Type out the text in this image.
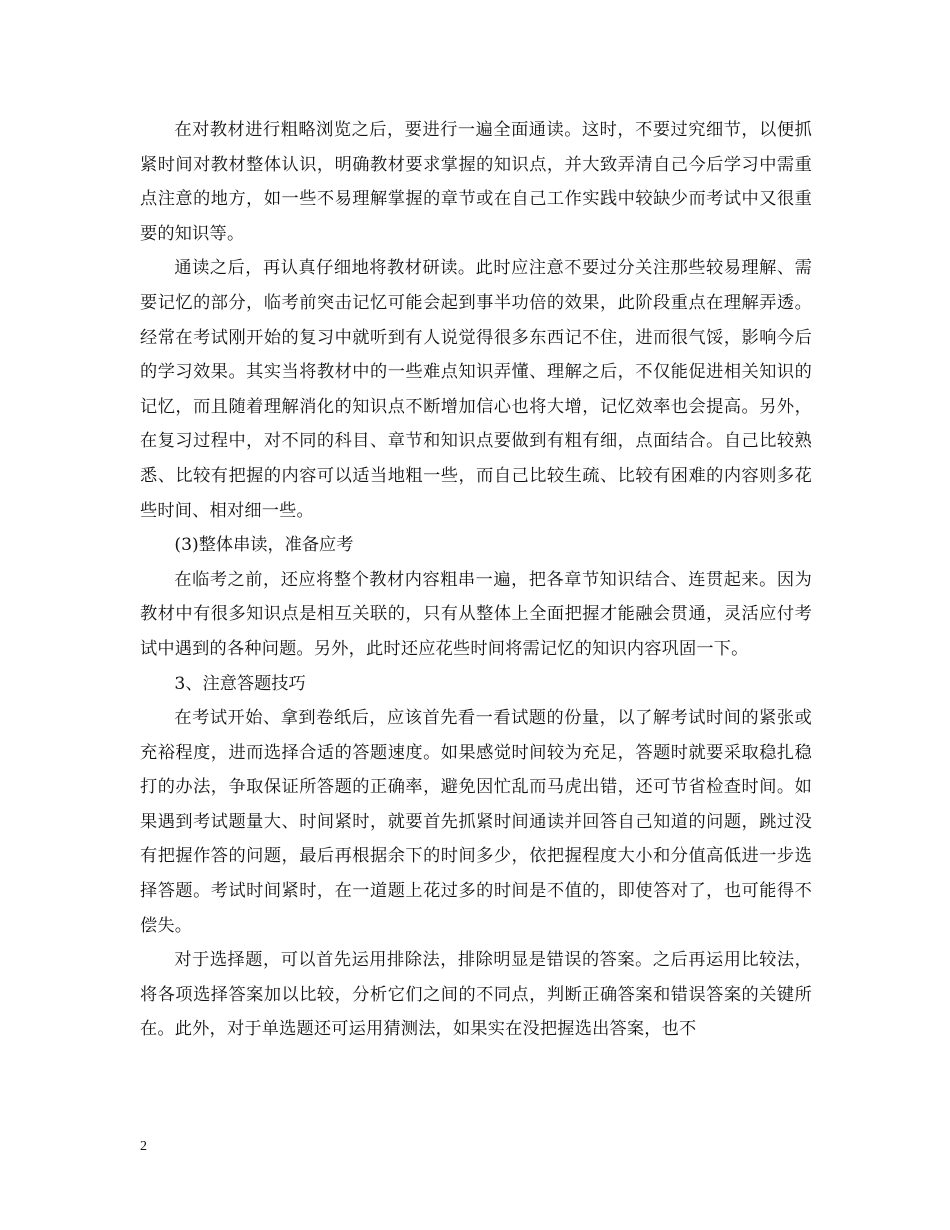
在对教材进行粗略浏览之后，要进行一遍全面通读。这时，不要过究细节，以便抓紧时间对教材整体认识，明确教材要求掌握的知识点，并大致弄清自己今后学习中需重点注意的地方，如一些不易理解掌握的章节或在自己工作实践中较缺少而考试中又很重要的知识等。

通读之后，再认真仔细地将教材研读。此时应注意不要过分关注那些较易理解、需要记忆的部分，临考前突击记忆可能会起到事半功倍的效果，此阶段重点在理解弄透。经常在考试刚开始的复习中就听到有人说觉得很多东西记不住，进而很气馁，影响今后的学习效果。其实当将教材中的一些难点知识弄懂、理解之后，不仅能促进相关知识的记忆，而且随着理解消化的知识点不断增加信心也将大增，记忆效率也会提高。另外，在复习过程中，对不同的科目、章节和知识点要做到有粗有细，点面结合。自己比较熟悉、比较有把握的内容可以适当地粗一些，而自己比较生疏、比较有困难的内容则多花些时间、相对细一些。

(3)整体串读，准备应考

在临考之前，还应将整个教材内容粗串一遍，把各章节知识结合、连贯起来。因为教材中有很多知识点是相互关联的，只有从整体上全面把握才能融会贯通，灵活应付考试中遇到的各种问题。另外，此时还应花些时间将需记忆的知识内容巩固一下。

3、注意答题技巧

在考试开始、拿到卷纸后，应该首先看一看试题的份量，以了解考试时间的紧张或充裕程度，进而选择合适的答题速度。如果感觉时间较为充足，答题时就要采取稳扎稳打的办法，争取保证所答题的正确率，避免因忙乱而马虎出错，还可节省检查时间。如果遇到考试题量大、时间紧时，就要首先抓紧时间通读并回答自己知道的问题，跳过没有把握作答的问题，最后再根据余下的时间多少，依把握程度大小和分值高低进一步选择答题。考试时间紧时，在一道题上花过多的时间是不值的，即使答对了，也可能得不偿失。

对于选择题，可以首先运用排除法，排除明显是错误的答案。之后再运用比较法，将各项选择答案加以比较，分析它们之间的不同点，判断正确答案和错误答案的关键所在。此外，对于单选题还可运用猜测法，如果实在没把握选出答案，也不

2
